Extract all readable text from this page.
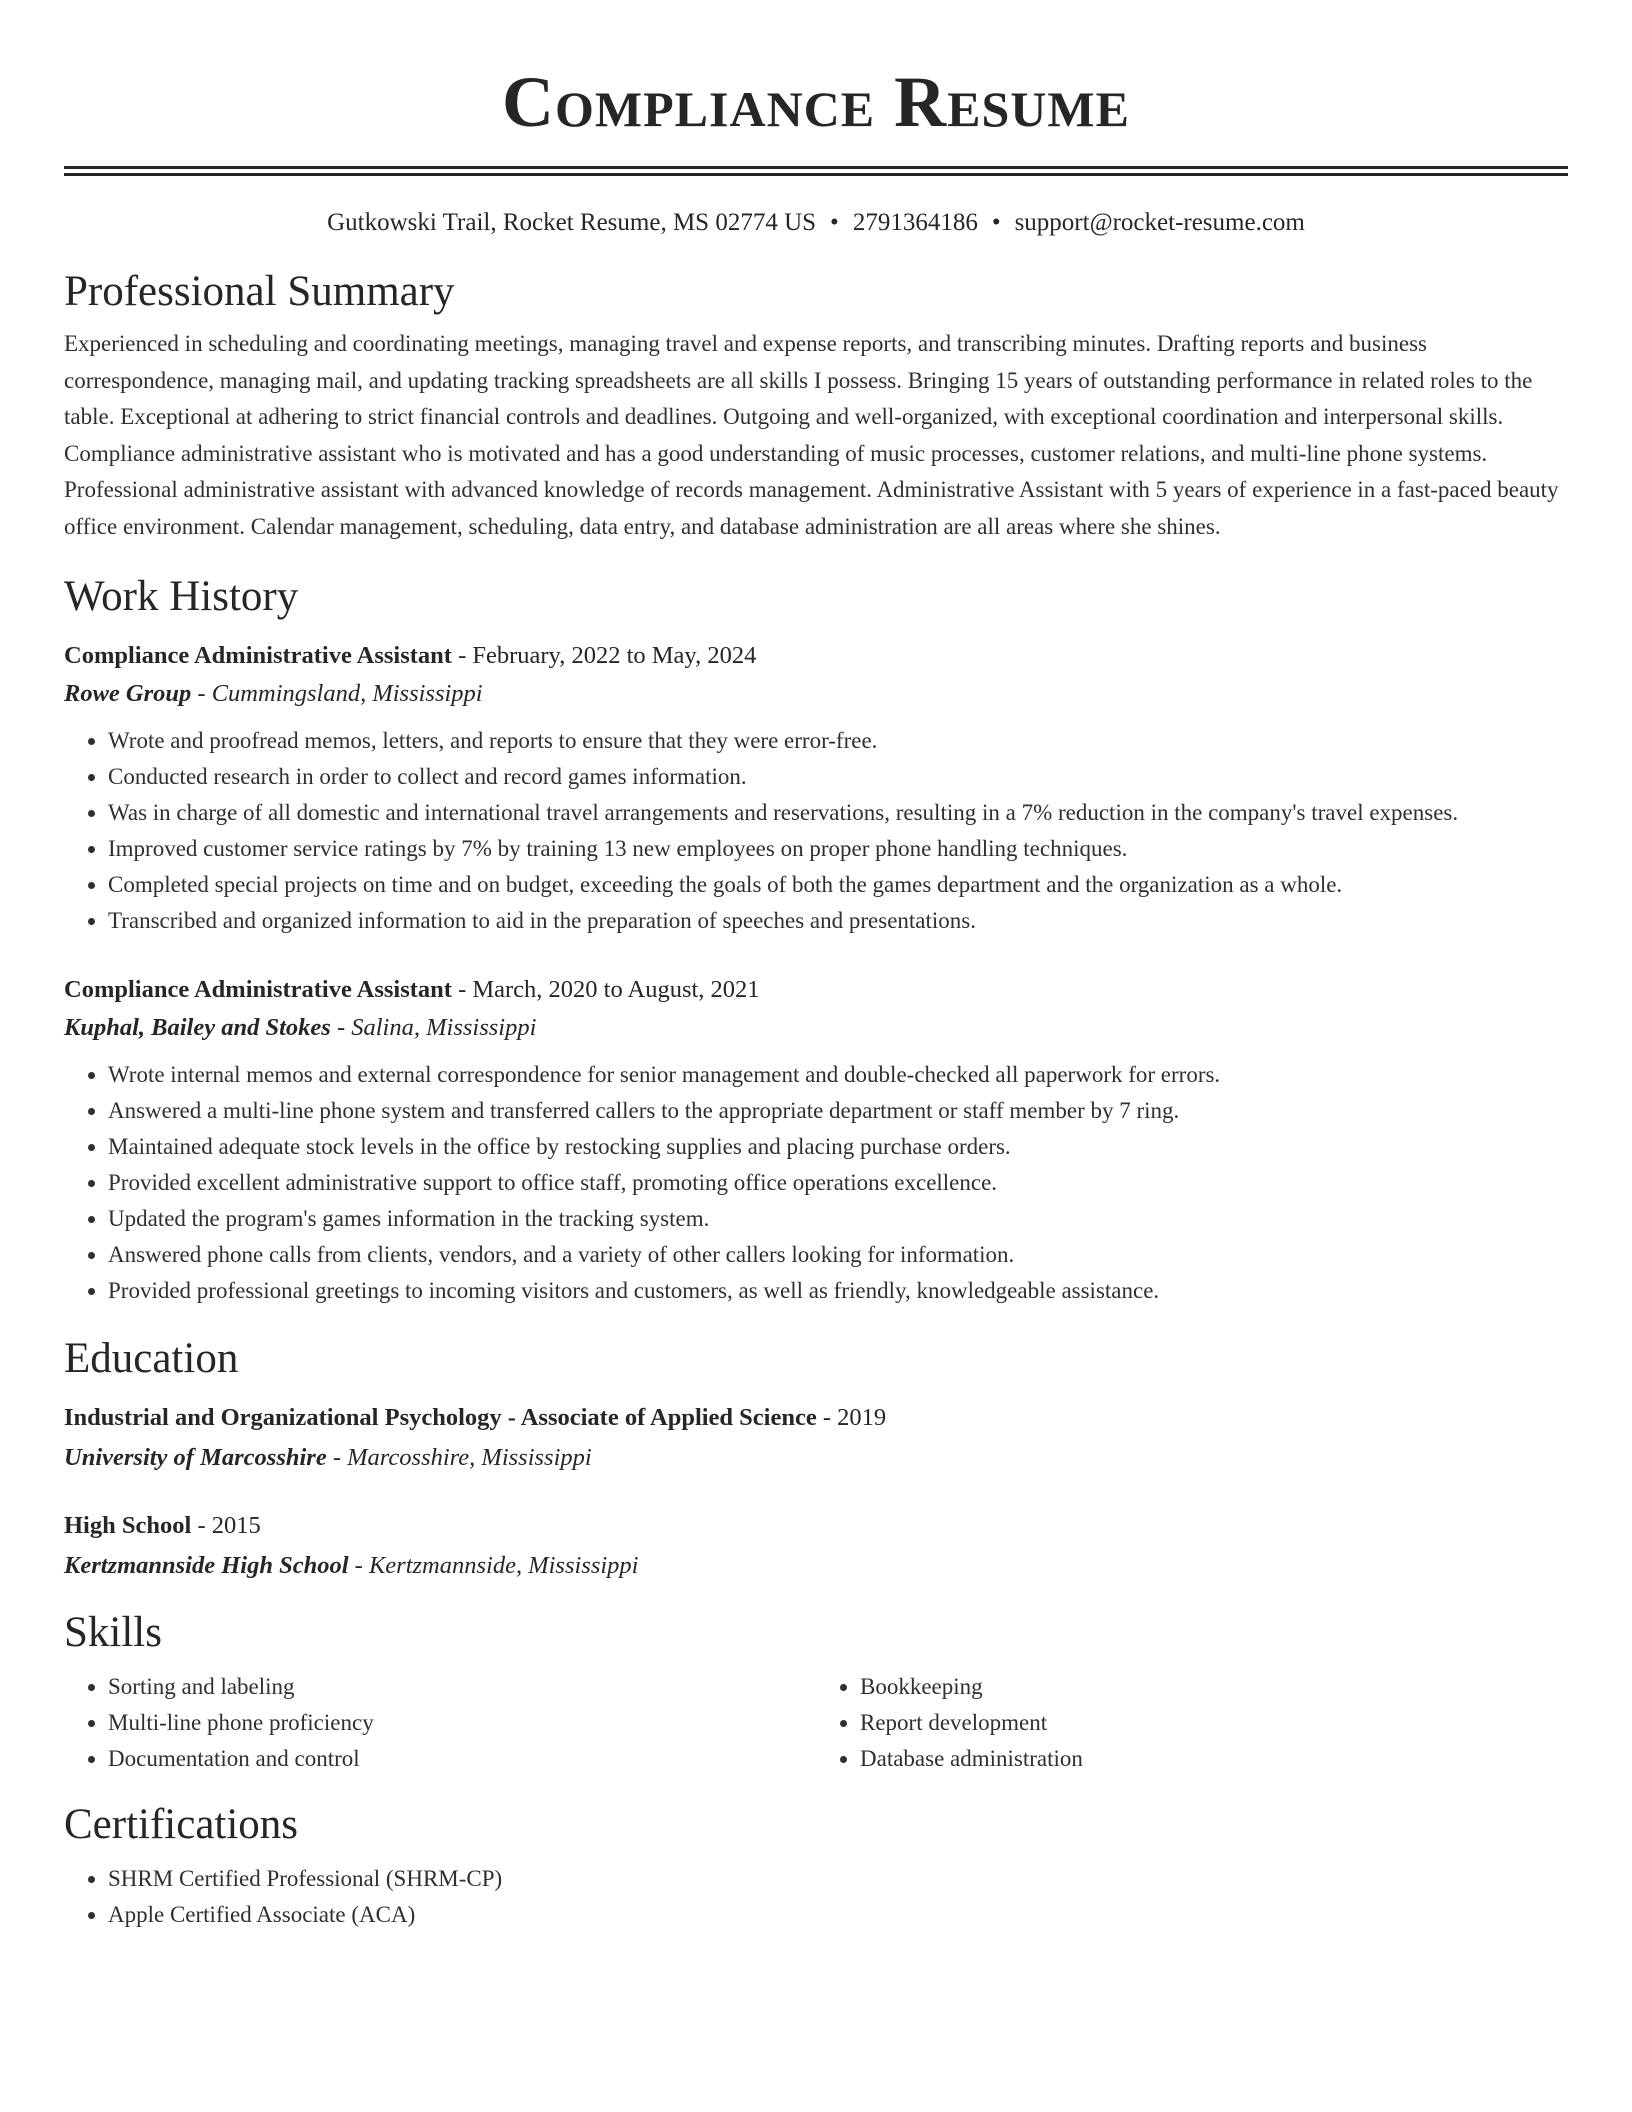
Compliance Resume
Gutkowski Trail, Rocket Resume, MS 02774 US • 2791364186 • support@rocket-resume.com
Professional Summary

Experienced in scheduling and coordinating meetings, managing travel and expense reports, and transcribing minutes. Drafting reports and business correspondence, managing mail, and updating tracking spreadsheets are all skills I possess. Bringing 15 years of outstanding performance in related roles to the table. Exceptional at adhering to strict financial controls and deadlines. Outgoing and well-organized, with exceptional coordination and interpersonal skills. Compliance administrative assistant who is motivated and has a good understanding of music processes, customer relations, and multi-line phone systems. Professional administrative assistant with advanced knowledge of records management. Administrative Assistant with 5 years of experience in a fast-paced beauty office environment. Calendar management, scheduling, data entry, and database administration are all areas where she shines.

Work History
Compliance Administrative Assistant - February, 2022 to May, 2024
Rowe Group - Cummingsland, Mississippi
• Wrote and proofread memos, letters, and reports to ensure that they were error-free.
• Conducted research in order to collect and record games information.
• Was in charge of all domestic and international travel arrangements and reservations, resulting in a 7% reduction in the company's travel expenses.
• Improved customer service ratings by 7% by training 13 new employees on proper phone handling techniques.
• Completed special projects on time and on budget, exceeding the goals of both the games department and the organization as a whole.
• Transcribed and organized information to aid in the preparation of speeches and presentations.
Compliance Administrative Assistant - March, 2020 to August, 2021
Kuphal, Bailey and Stokes - Salina, Mississippi
• Wrote internal memos and external correspondence for senior management and double-checked all paperwork for errors.
• Answered a multi-line phone system and transferred callers to the appropriate department or staff member by 7 ring.
• Maintained adequate stock levels in the office by restocking supplies and placing purchase orders.
• Provided excellent administrative support to office staff, promoting office operations excellence.
• Updated the program's games information in the tracking system.
• Answered phone calls from clients, vendors, and a variety of other callers looking for information.
• Provided professional greetings to incoming visitors and customers, as well as friendly, knowledgeable assistance.
Education
Industrial and Organizational Psychology - Associate of Applied Science - 2019
University of Marcosshire - Marcosshire, Mississippi
High School - 2015
Kertzmannside High School - Kertzmannside, Mississippi
Skills
• Sorting and labeling
• Multi-line phone proficiency
• Documentation and control
• Bookkeeping
• Report development
• Database administration
Certifications
• SHRM Certified Professional (SHRM-CP)
• Apple Certified Associate (ACA)
